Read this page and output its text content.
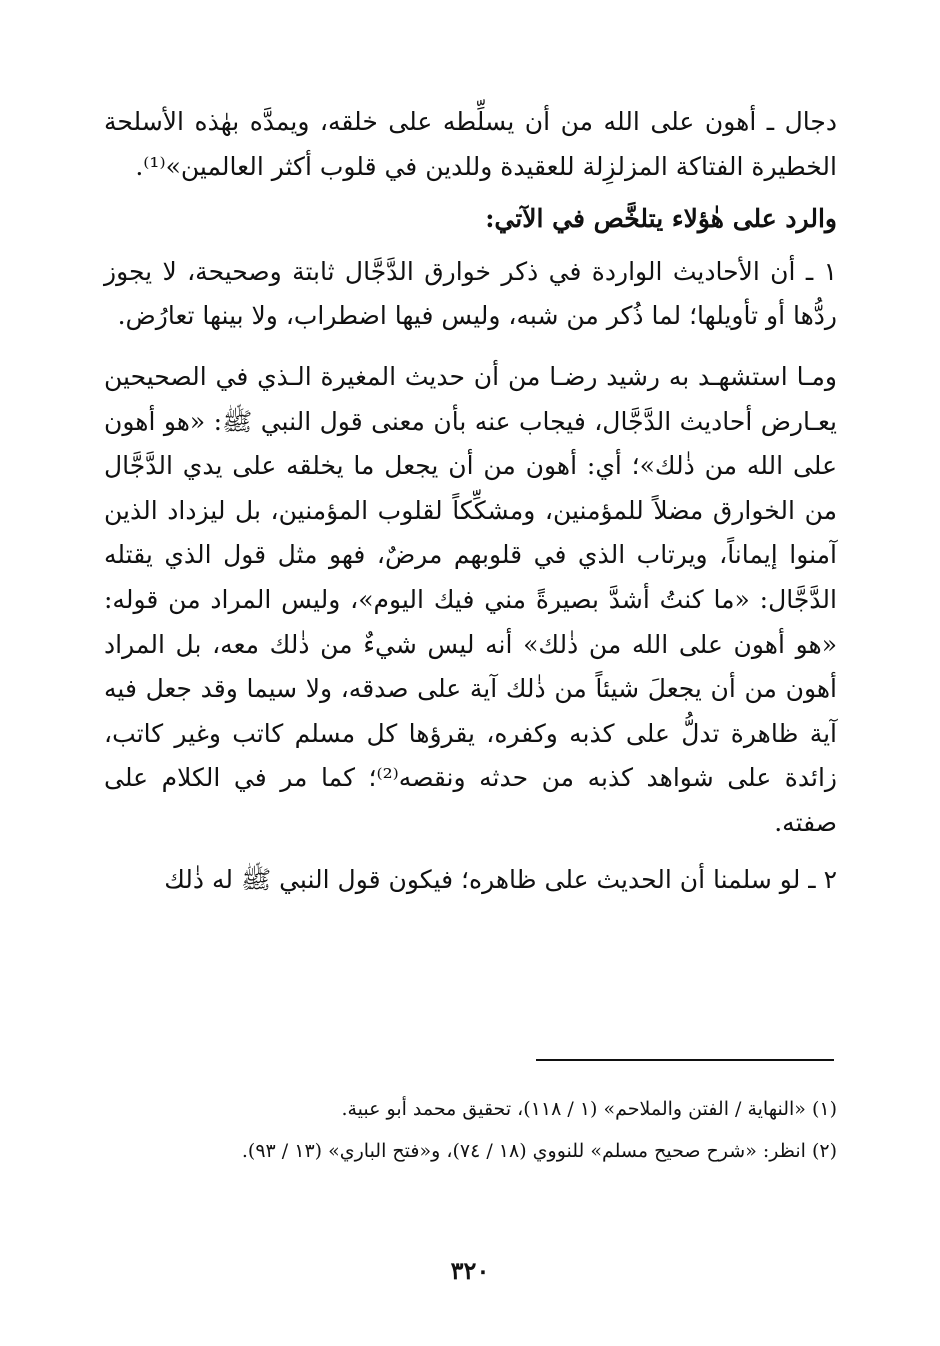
دجال ـ أهون على الله من أن يسلِّطه على خلقه، ويمدَّه بهٰذه الأسلحة الخطيرة الفتاكة المزلزِلة للعقيدة وللدين في قلوب أكثر العالمين»⁽¹⁾.

والرد على هٰؤلاء يتلخَّص في الآتي:

١ ـ أن الأحاديث الواردة في ذكر خوارق الدَّجَّال ثابتة وصحيحة، لا يجوز ردُّها أو تأويلها؛ لما ذُكر من شبه، وليس فيها اضطراب، ولا بينها تعارُض.

ومـا استشهـد به رشيد رضـا من أن حديث المغيرة الـذي في الصحيحين يعـارض أحاديث الدَّجَّال، فيجاب عنه بأن معنى قول النبي ﷺ: «هو أهون على الله من ذٰلك»؛ أي: أهون من أن يجعل ما يخلقه على يدي الدَّجَّال من الخوارق مضلاً للمؤمنين، ومشكِّكاً لقلوب المؤمنين، بل ليزداد الذين آمنوا إيماناً، ويرتاب الذي في قلوبهم مرضٌ، فهو مثل قول الذي يقتله الدَّجَّال: «ما كنتُ أشدَّ بصيرةً مني فيك اليوم»، وليس المراد من قوله: «هو أهون على الله من ذٰلك» أنه ليس شيءٌ من ذٰلك معه، بل المراد أهون من أن يجعلَ شيئاً من ذٰلك آية على صدقه، ولا سيما وقد جعل فيه آية ظاهرة تدلُّ على كذبه وكفره، يقرؤها كل مسلم كاتب وغير كاتب، زائدة على شواهد كذبه من حدثه ونقصه⁽²⁾؛ كما مر في الكلام على صفته.

٢ ـ لو سلمنا أن الحديث على ظاهره؛ فيكون قول النبي ﷺ له ذٰلك

(١) «النهاية / الفتن والملاحم» (١ / ١١٨)، تحقيق محمد أبو عبية.

(٢) انظر: «شرح صحيح مسلم» للنووي (١٨ / ٧٤)، و«فتح الباري» (١٣ / ٩٣).

٣٢٠
